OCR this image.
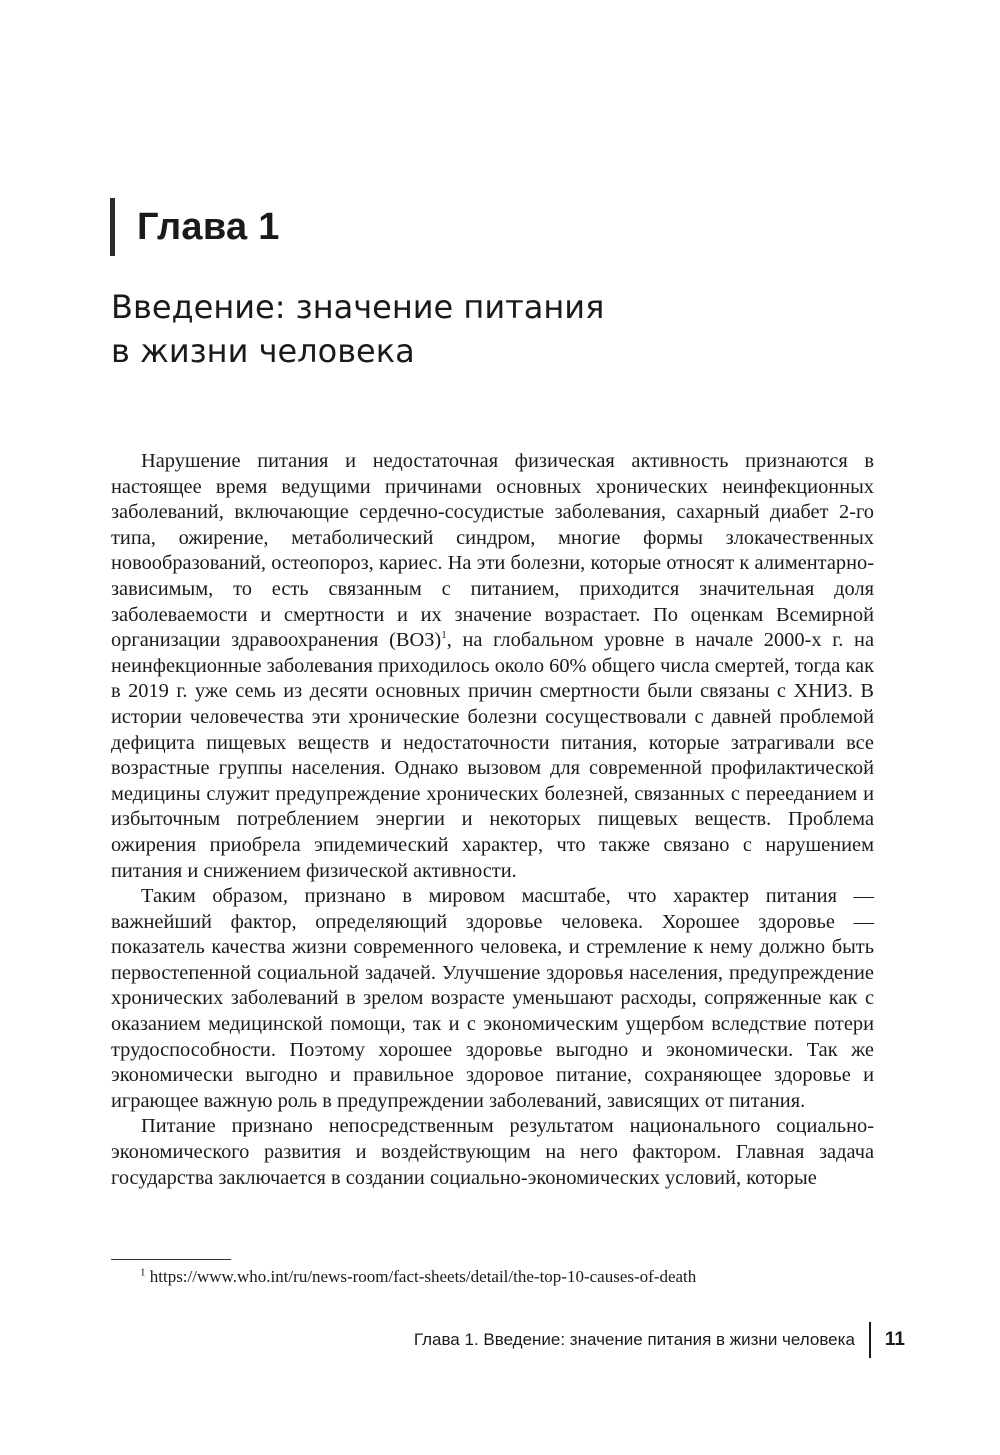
Глава 1
Введение: значение питания
в жизни человека

Нарушение питания и недостаточная физическая активность признаются в настоящее время ведущими причинами основных хронических неинфекционных заболеваний, включающие сердечно-сосудистые заболевания, сахарный диабет 2-го типа, ожирение, метаболический синдром, многие формы злокачественных новообразований, остеопороз, кариес. На эти болезни, которые относят к алиментарно-зависимым, то есть связанным с питанием, приходится значительная доля заболеваемости и смертности и их значение возрастает. По оценкам Всемирной организации здравоохранения (ВОЗ)$^1$, на глобальном уровне в начале 2000-х г. на неинфекционные заболевания приходилось около 60% общего числа смертей, тогда как в 2019 г. уже семь из десяти основных причин смертности были связаны с ХНИЗ. В истории человечества эти хронические болезни сосуществовали с давней проблемой дефицита пищевых веществ и недостаточности питания, которые затрагивали все возрастные группы населения. Однако вызовом для современной профилактической медицины служит предупреждение хронических болезней, связанных с перееданием и избыточным потреблением энергии и некоторых пищевых веществ. Проблема ожирения приобрела эпидемический характер, что также связано с нарушением питания и снижением физической активности.

Таким образом, признано в мировом масштабе, что характер питания — важнейший фактор, определяющий здоровье человека. Хорошее здоровье — показатель качества жизни современного человека, и стремление к нему должно быть первостепенной социальной задачей. Улучшение здоровья населения, предупреждение хронических заболеваний в зрелом возрасте уменьшают расходы, сопряженные как с оказанием медицинской помощи, так и с экономическим ущербом вследствие потери трудоспособности. Поэтому хорошее здоровье выгодно и экономически. Так же экономически выгодно и правильное здоровое питание, сохраняющее здоровье и играющее важную роль в предупреждении заболеваний, зависящих от питания.

Питание признано непосредственным результатом национального социально-экономического развития и воздействующим на него фактором. Главная задача государства заключается в создании социально-экономических условий, которые

$^1$ https://www.who.int/ru/news-room/fact-sheets/detail/the-top-10-causes-of-death
Глава 1. Введение: значение питания в жизни человека 11
